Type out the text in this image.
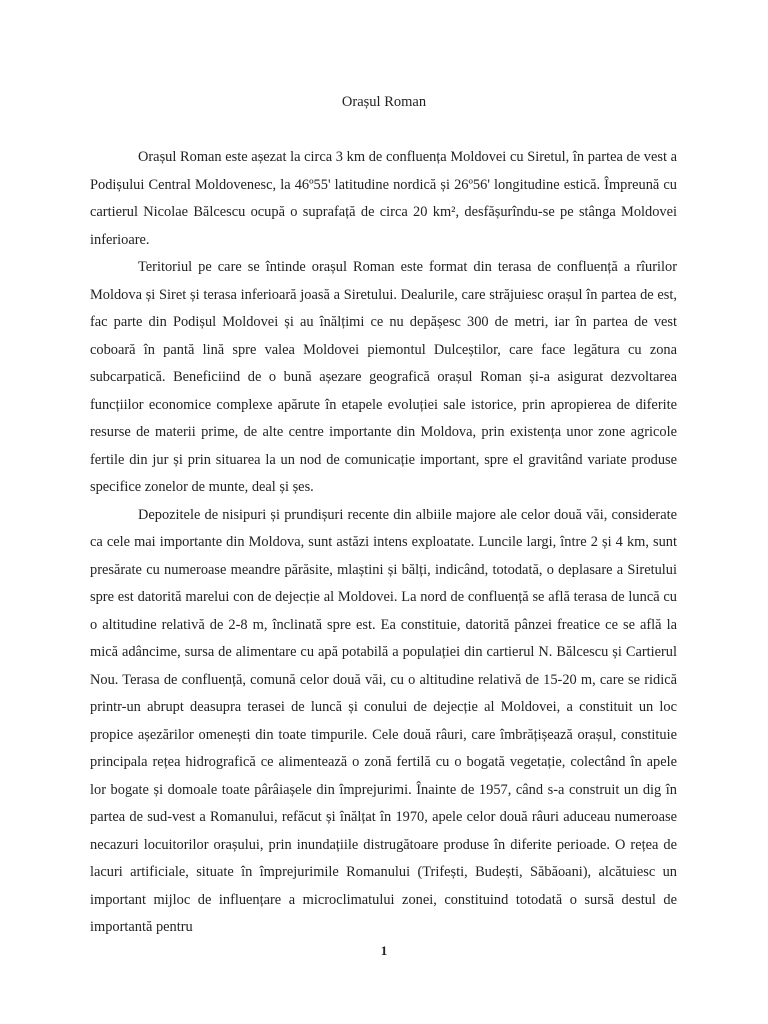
Orașul Roman

Orașul Roman este așezat la circa 3 km de confluența Moldovei cu Siretul, în partea de vest a Podișului Central Moldovenesc, la 46º55' latitudine nordică și 26º56' longitudine estică. Împreună cu cartierul Nicolae Bălcescu ocupă o suprafață de circa 20 km², desfășurîndu-se pe stânga Moldovei inferioare.

Teritoriul pe care se întinde orașul Roman este format din terasa de confluență a rîurilor Moldova și Siret și terasa inferioară joasă a Siretului. Dealurile, care străjuiesc orașul în partea de est, fac parte din Podișul Moldovei și au înălțimi ce nu depășesc 300 de metri, iar în partea de vest coboară în pantă lină spre valea Moldovei piemontul Dulceștilor, care face legătura cu zona subcarpatică. Beneficiind de o bună așezare geografică orașul Roman și-a asigurat dezvoltarea funcțiilor economice complexe apărute în etapele evoluției sale istorice, prin apropierea de diferite resurse de materii prime, de alte centre importante din Moldova, prin existența unor zone agricole fertile din jur și prin situarea la un nod de comunicație important, spre el gravitând variate produse specifice zonelor de munte, deal și șes.

Depozitele de nisipuri și prundișuri recente din albiile majore ale celor două văi, considerate ca cele mai importante din Moldova, sunt astăzi intens exploatate. Luncile largi, între 2 și 4 km, sunt presărate cu numeroase meandre părăsite, mlaștini și bălți, indicând, totodată, o deplasare a Siretului spre est datorită marelui con de dejecție al Moldovei. La nord de confluență se află terasa de luncă cu o altitudine relativă de 2-8 m, înclinată spre est. Ea constituie, datorită pânzei freatice ce se află la mică adâncime, sursa de alimentare cu apă potabilă a populației din cartierul N. Bălcescu și Cartierul Nou. Terasa de confluență, comună celor două văi, cu o altitudine relativă de 15-20 m, care se ridică printr-un abrupt deasupra terasei de luncă și conului de dejecție al Moldovei, a constituit un loc propice așezărilor omenești din toate timpurile. Cele două râuri, care îmbrățișează orașul, constituie principala rețea hidrografică ce alimentează o zonă fertilă cu o bogată vegetație, colectând în apele lor bogate și domoale toate pârâiașele din împrejurimi. Înainte de 1957, când s-a construit un dig în partea de sud-vest a Romanului, refăcut și înălțat în 1970, apele celor două râuri aduceau numeroase necazuri locuitorilor orașului, prin inundațiile distrugătoare produse în diferite perioade. O rețea de lacuri artificiale, situate în împrejurimile Romanului (Trifești, Budești, Săbăoani), alcătuiesc un important mijloc de influențare a microclimatului zonei, constituind totodată o sursă destul de importantă pentru

1
